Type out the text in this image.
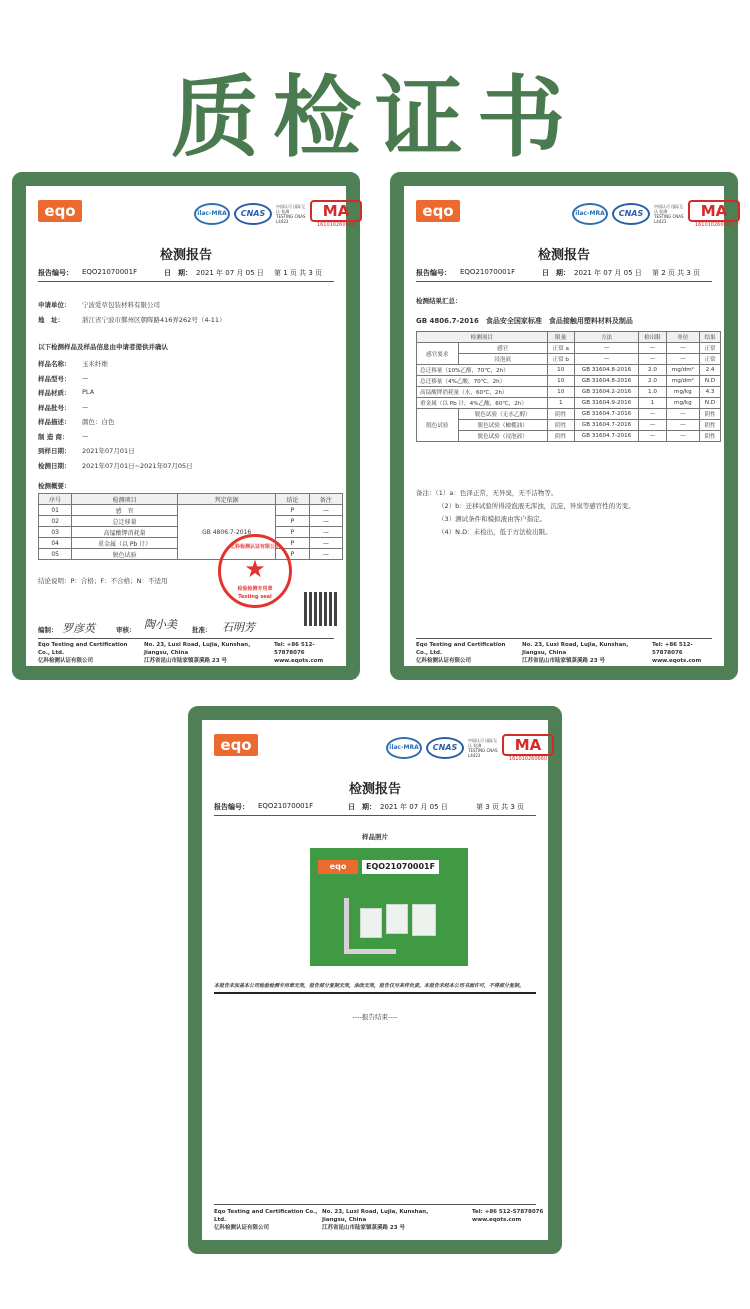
质检证书
eqo	ilac-MRA	CNAS
中国认可 国际互认 检测 TESTING CNAS L4423
MA
161010260660
检测报告
报告编号： EQO21070001F	日　期： 2021 年 07 月 05 日 第 1 页 共 3 页
申请单位： 宁波爱草包装材料有限公司
地　址：	浙江省宁波市鄞州区朝晖路416弄262号（4-11）
以下检测样品及样品信息由申请者提供并确认
样品名称： 玉米纤维
样品型号： —
样品材质： PLA
样品批号： —
样品描述： 颜色：白色
制 造 商： —
到样日期： 2021年07月01日
检测日期： 2021年07月01日~2021年07月05日
检测概要：
序号	检测项目	判定依据	结论	备注
01	感　官	GB 4806.7-2016	P	—
02	总迁移量		P	—
03	高锰酸钾消耗量		P	—
04	重金属（以 Pb 计）		P	—
05	脱色试验		P	—
结论说明：P：合格；F：不合格；N：不适用
亿科检测认证有限公司
★
检验检测专用章
Testing seal
编制： 罗彦英	审核： 陶小美 批准： 石明芳
Eqo Testing and Certification Co., Ltd.
亿科检测认证有限公司
No. 23, Luxi Road, Lujia, Kunshan, Jiangsu, China
江苏省昆山市陆家镇菉溪路 23 号
Tel: +86 512-57878076
www.eqots.com
eqo	ilac-MRA	CNAS
中国认可 国际互认 检测 TESTING CNAS L4423
MA
161010260660
检测报告
报告编号： EQO21070001F	日　期： 2021 年 07 月 05 日 第 2 页 共 3 页
检测结果汇总：
GB 4806.7-2016　食品安全国家标准　食品接触用塑料材料及制品
检测项目		限量	方法	检出限	单位	结果
感官要求	感官	正常 a	—	—	—	正常
	浸泡液	正常 b	—	—	—	正常
总迁移量（10%乙醇，70℃，2h）		10	GB 31604.8-2016	2.0	mg/dm²	2.4
总迁移量（4%乙酸，70℃，2h）		10	GB 31604.8-2016	2.0	mg/dm²	N.D
高锰酸钾消耗量（水，60℃，2h）		10	GB 31604.2-2016	1.0	mg/kg	4.3
重金属（以 Pb 计，4%乙酸，60℃，2h）		1	GB 31604.9-2016	1	mg/kg	N.D
脱色试验	脱色试验（无水乙醇）	阴性	GB 31604.7-2016	—	—	阴性
	脱色试验（橄榄油）	阴性	GB 31604.7-2016	—	—	阴性
	脱色试验（浸泡液）	阴性	GB 31604.7-2016	—	—	阴性
备注：（1）a：色泽正常，无异臭，无不洁物等。
（2）b：迁移试验所得浸泡液无浑浊，沉淀，异臭等感官性的劣变。
（3）测试条件和模拟液由客户指定。
（4）N.D：未检出，低于方法检出限。
Eqo Testing and Certification Co., Ltd.
亿科检测认证有限公司
No. 23, Luxi Road, Lujia, Kunshan, Jiangsu, China
江苏省昆山市陆家镇菉溪路 23 号
Tel: +86 512-57878076
www.eqots.com
eqo	ilac-MRA	CNAS
中国认可 国际互认 检测 TESTING CNAS L4423
MA
161010260660
检测报告
报告编号： EQO21070001F	日　期： 2021 年 07 月 05 日	第 3 页 共 3 页
样品照片
eqo	EQO21070001F
本报告未加盖本公司检验检测专用章无效，报告部分复制无效，涂改无效，报告仅对来样负责。本报告未经本公司书面许可，不得部分复制。
----报告结束----
Eqo Testing and Certification Co., Ltd.
亿科检测认证有限公司
No. 23, Luxi Road, Lujia, Kunshan, Jiangsu, China
江苏省昆山市陆家镇菉溪路 23 号
Tel: +86 512-57878076
www.eqots.com
